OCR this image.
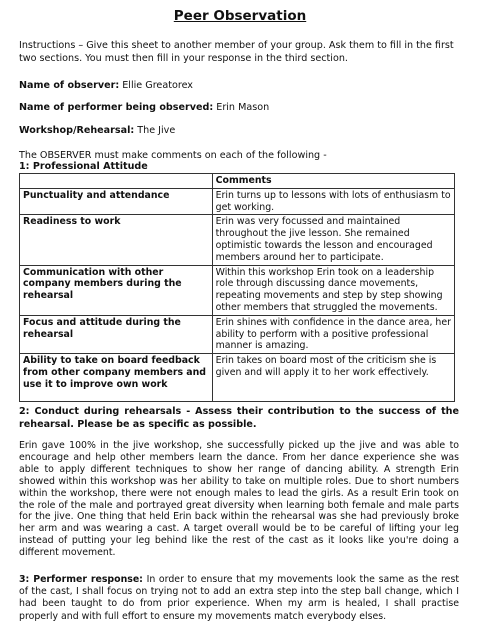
Peer Observation
Instructions – Give this sheet to another member of your group. Ask them to fill in the first two sections. You must then fill in your response in the third section.
Name of observer: Ellie Greatorex
Name of performer being observed: Erin Mason
Workshop/Rehearsal: The Jive
The OBSERVER must make comments on each of the following -
1: Professional Attitude
	Comments
Punctuality and attendance	Erin turns up to lessons with lots of enthusiasm to get working.
Readiness to work	Erin was very focussed and maintained throughout the jive lesson. She remained optimistic towards the lesson and encouraged members around her to participate.
Communication with other company members during the rehearsal	Within this workshop Erin took on a leadership role through discussing dance movements, repeating movements and step by step showing other members that struggled the movements.
Focus and attitude during the rehearsal	Erin shines with confidence in the dance area, her ability to perform with a positive professional manner is amazing.
Ability to take on board feedback from other company members and use it to improve own work	Erin takes on board most of the criticism she is given and will apply it to her work effectively.
2: Conduct during rehearsals - Assess their contribution to the success of the rehearsal. Please be as specific as possible.
Erin gave 100% in the jive workshop, she successfully picked up the jive and was able to encourage and help other members learn the dance. From her dance experience she was able to apply different techniques to show her range of dancing ability. A strength Erin showed within this workshop was her ability to take on multiple roles. Due to short numbers within the workshop, there were not enough males to lead the girls. As a result Erin took on the role of the male and portrayed great diversity when learning both female and male parts for the jive. One thing that held Erin back within the rehearsal was she had previously broke her arm and was wearing a cast. A target overall would be to be careful of lifting your leg instead of putting your leg behind like the rest of the cast as it looks like you're doing a different movement.
3: Performer response: In order to ensure that my movements look the same as the rest of the cast, I shall focus on trying not to add an extra step into the step ball change, which I had been taught to do from prior experience. When my arm is healed, I shall practise properly and with full effort to ensure my movements match everybody elses.
